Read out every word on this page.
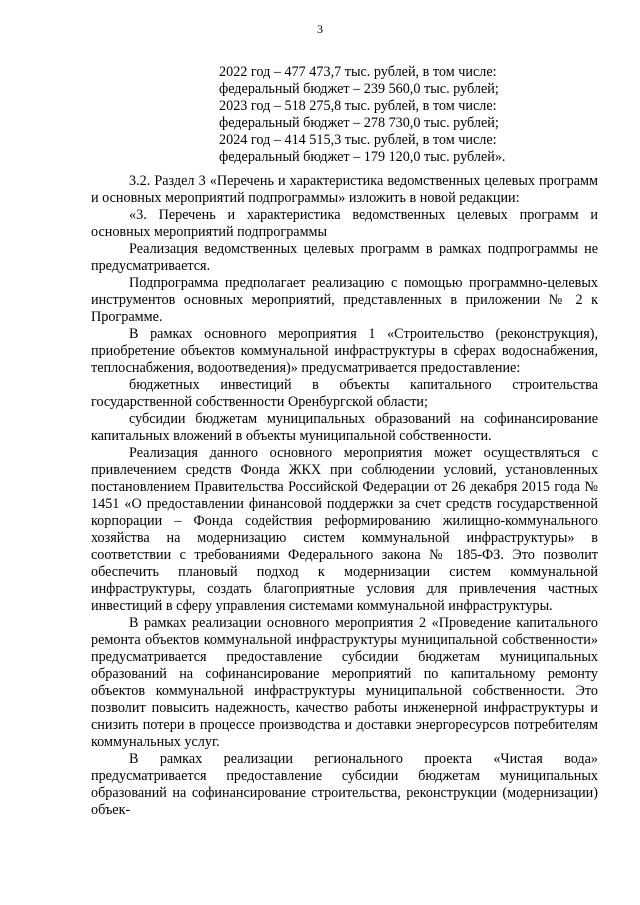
3
2022 год – 477 473,7 тыс. рублей, в том числе:
федеральный бюджет – 239 560,0 тыс. рублей;
2023 год – 518 275,8 тыс. рублей, в том числе:
федеральный бюджет – 278 730,0 тыс. рублей;
2024 год – 414 515,3 тыс. рублей, в том числе:
федеральный бюджет – 179 120,0 тыс. рублей».

3.2. Раздел 3 «Перечень и характеристика ведомственных целевых программ и основных мероприятий подпрограммы» изложить в новой редакции:

«3. Перечень и характеристика ведомственных целевых программ и основных мероприятий подпрограммы

Реализация ведомственных целевых программ в рамках подпрограммы не предусматривается.

Подпрограмма предполагает реализацию с помощью программно-целевых инструментов основных мероприятий, представленных в приложении № 2 к Программе.

В рамках основного мероприятия 1 «Строительство (реконструкция), приобретение объектов коммунальной инфраструктуры в сферах водоснабжения, теплоснабжения, водоотведения)» предусматривается предоставление:

бюджетных инвестиций в объекты капитального строительства государственной собственности Оренбургской области;

субсидии бюджетам муниципальных образований на софинансирование капитальных вложений в объекты муниципальной собственности.

Реализация данного основного мероприятия может осуществляться с привлечением средств Фонда ЖКХ при соблюдении условий, установленных постановлением Правительства Российской Федерации от 26 декабря 2015 года № 1451 «О предоставлении финансовой поддержки за счет средств государственной корпорации – Фонда содействия реформированию жилищно-коммунального хозяйства на модернизацию систем коммунальной инфраструктуры» в соответствии с требованиями Федерального закона № 185-ФЗ. Это позволит обеспечить плановый подход к модернизации систем коммунальной инфраструктуры, создать благоприятные условия для привлечения частных инвестиций в сферу управления системами коммунальной инфраструктуры.

В рамках реализации основного мероприятия 2 «Проведение капитального ремонта объектов коммунальной инфраструктуры муниципальной собственности» предусматривается предоставление субсидии бюджетам муниципальных образований на софинансирование мероприятий по капитальному ремонту объектов коммунальной инфраструктуры муниципальной собственности. Это позволит повысить надежность, качество работы инженерной инфраструктуры и снизить потери в процессе производства и доставки энергоресурсов потребителям коммунальных услуг.

В рамках реализации регионального проекта «Чистая вода» предусматривается предоставление субсидии бюджетам муниципальных образований на софинансирование строительства, реконструкции (модернизации) объек-
